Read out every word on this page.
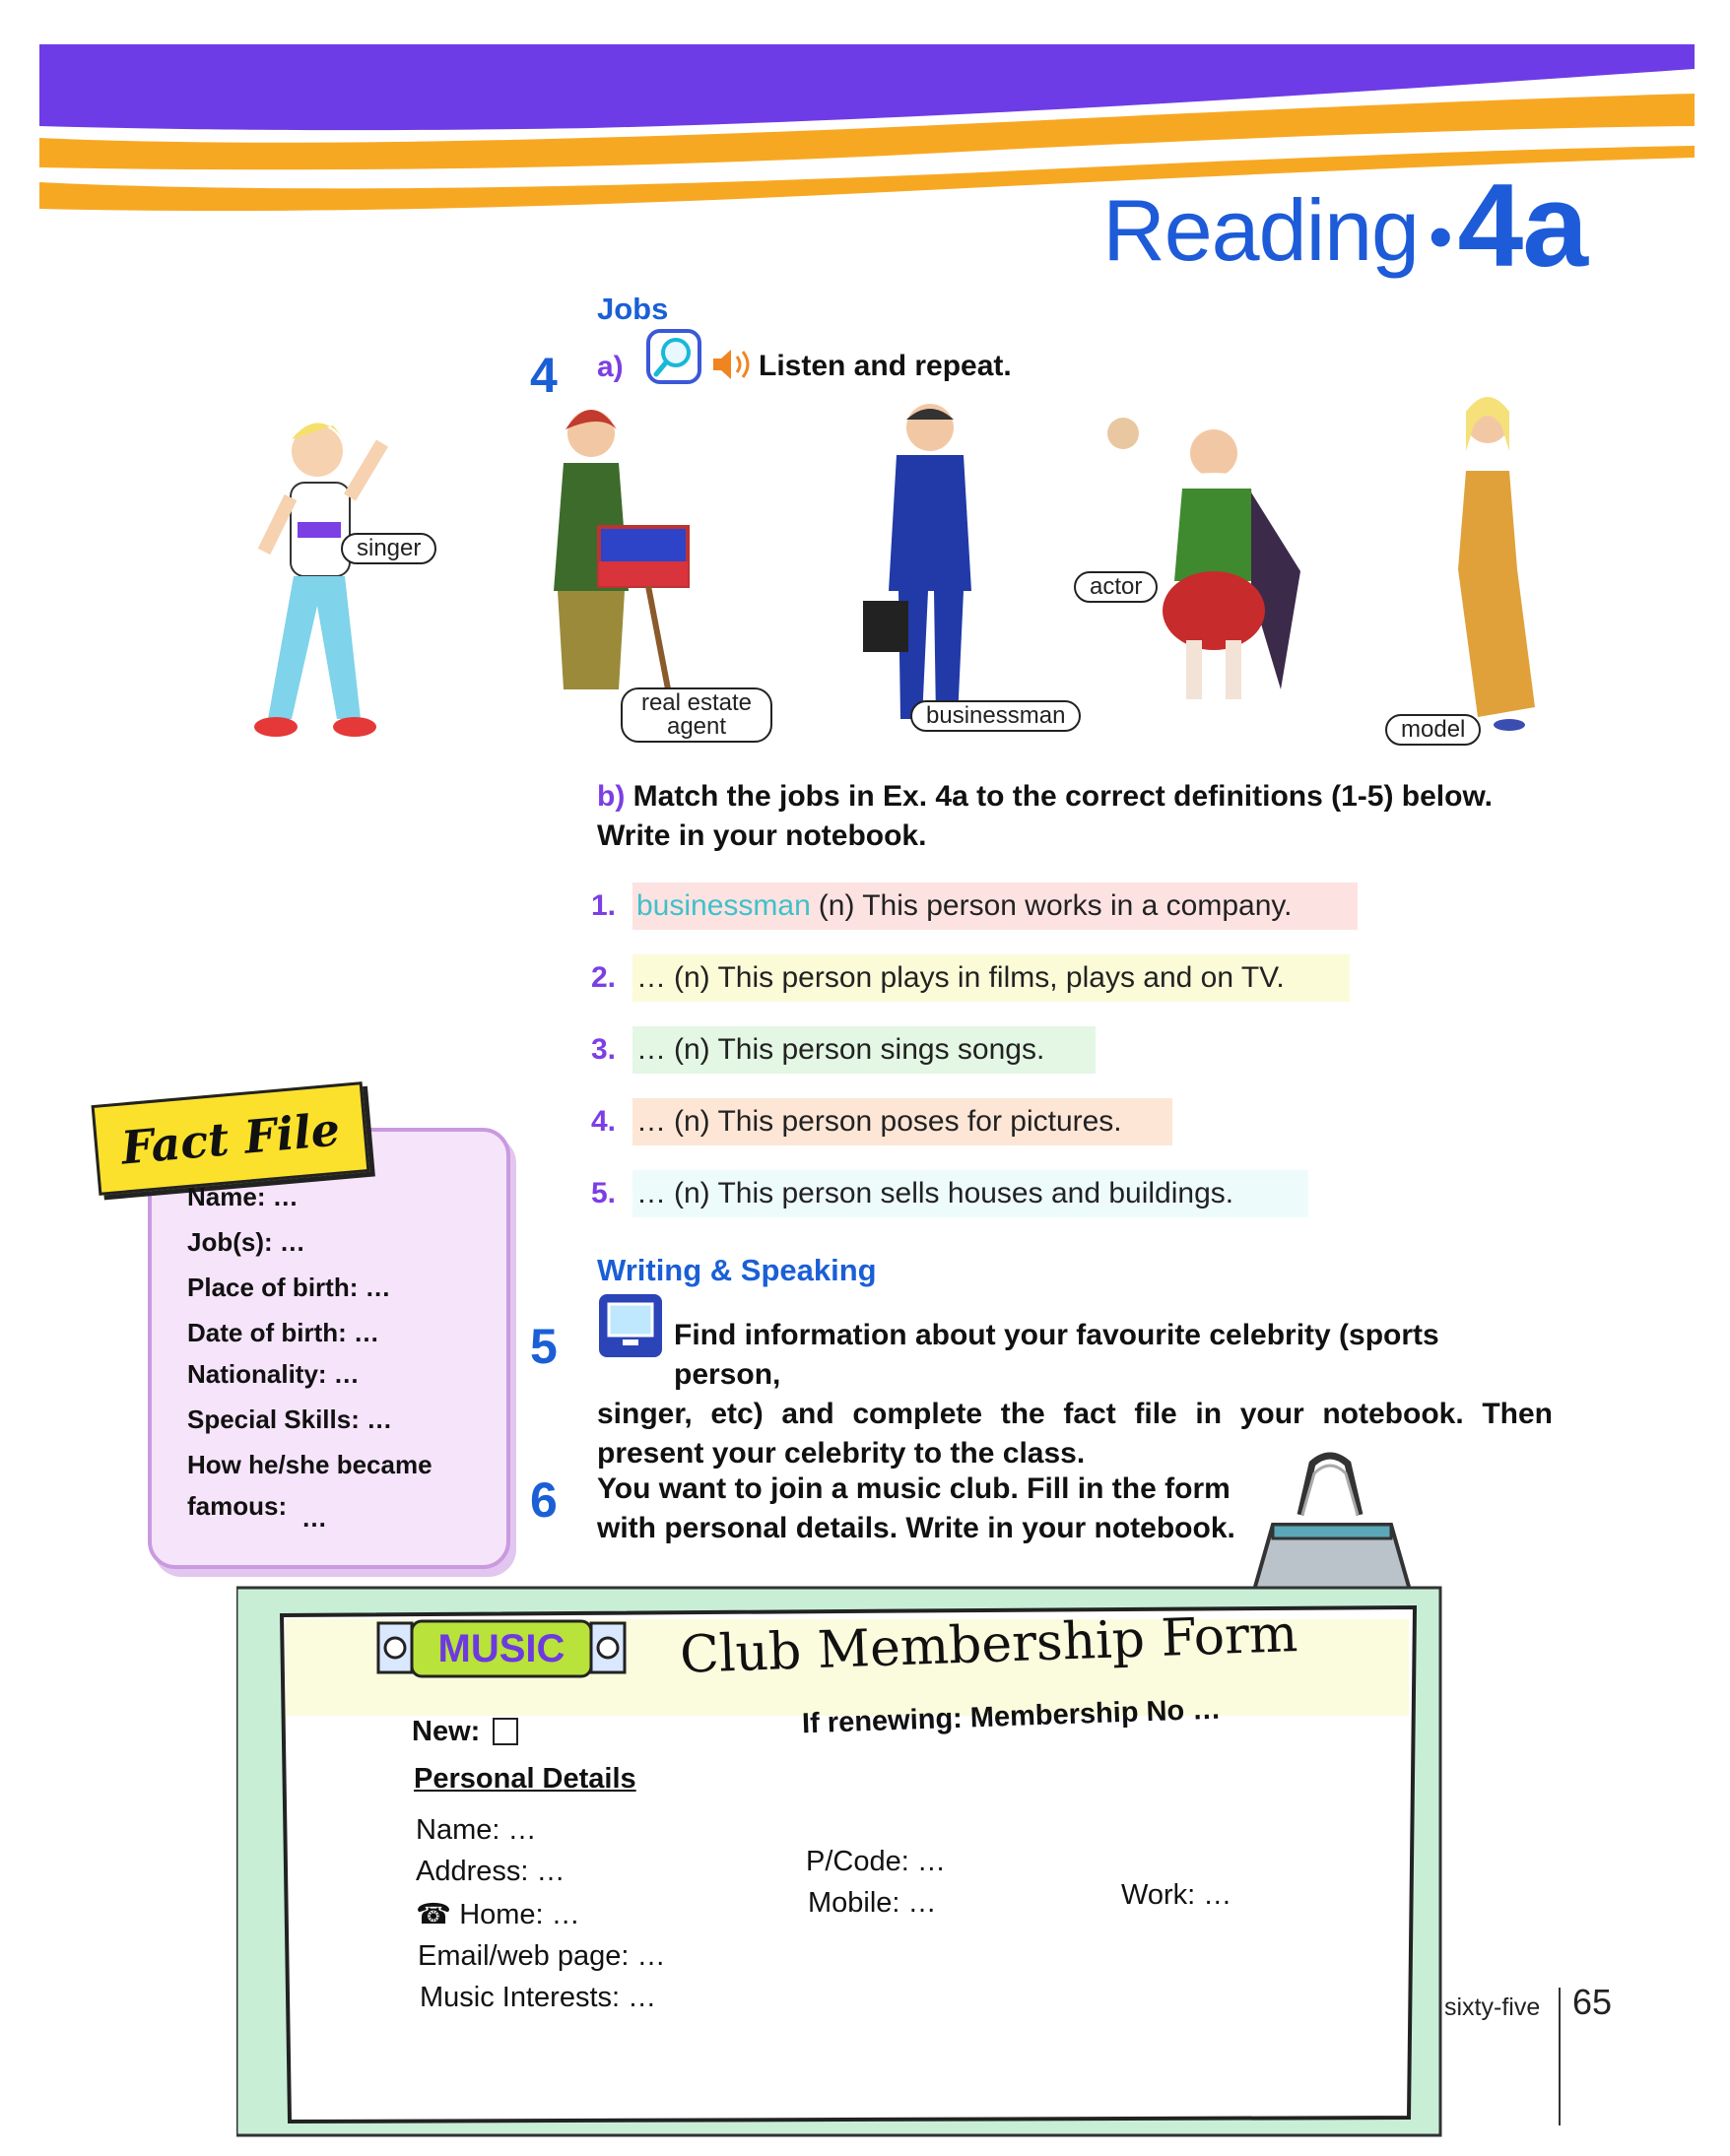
Reading •4a
Jobs
4 a)	Listen and repeat.
singer
real estate
agent	businessman
actor
model
b) Match the jobs in Ex. 4a to the correct definitions (1-5) below.
Write in your notebook.
1. businessman (n) This person works in a company.
2. … (n) This person plays in films, plays and on TV.
3. … (n) This person sings songs.
4. … (n) This person poses for pictures.
5. … (n) This person sells houses and buildings.
Fact File
Name: …
Job(s): …
Place of birth: …
Date of birth: …
Nationality: …
Special Skills: …
How he/she became
famous: …
Writing & Speaking
5	Find information about your favourite celebrity (sports person,
singer, etc) and complete the fact file in your notebook. Then
present your celebrity to the class.
6 You want to join a music club. Fill in the form
with personal details. Write in your notebook.
MUSIC	Club Membership Form
New:	If renewing: Membership No …
Personal Details
Name: …
Address: …
☎ Home: …
Email/web page: …
Music Interests: …
P/Code: …
Mobile: …	Work: …
sixty-five 65
